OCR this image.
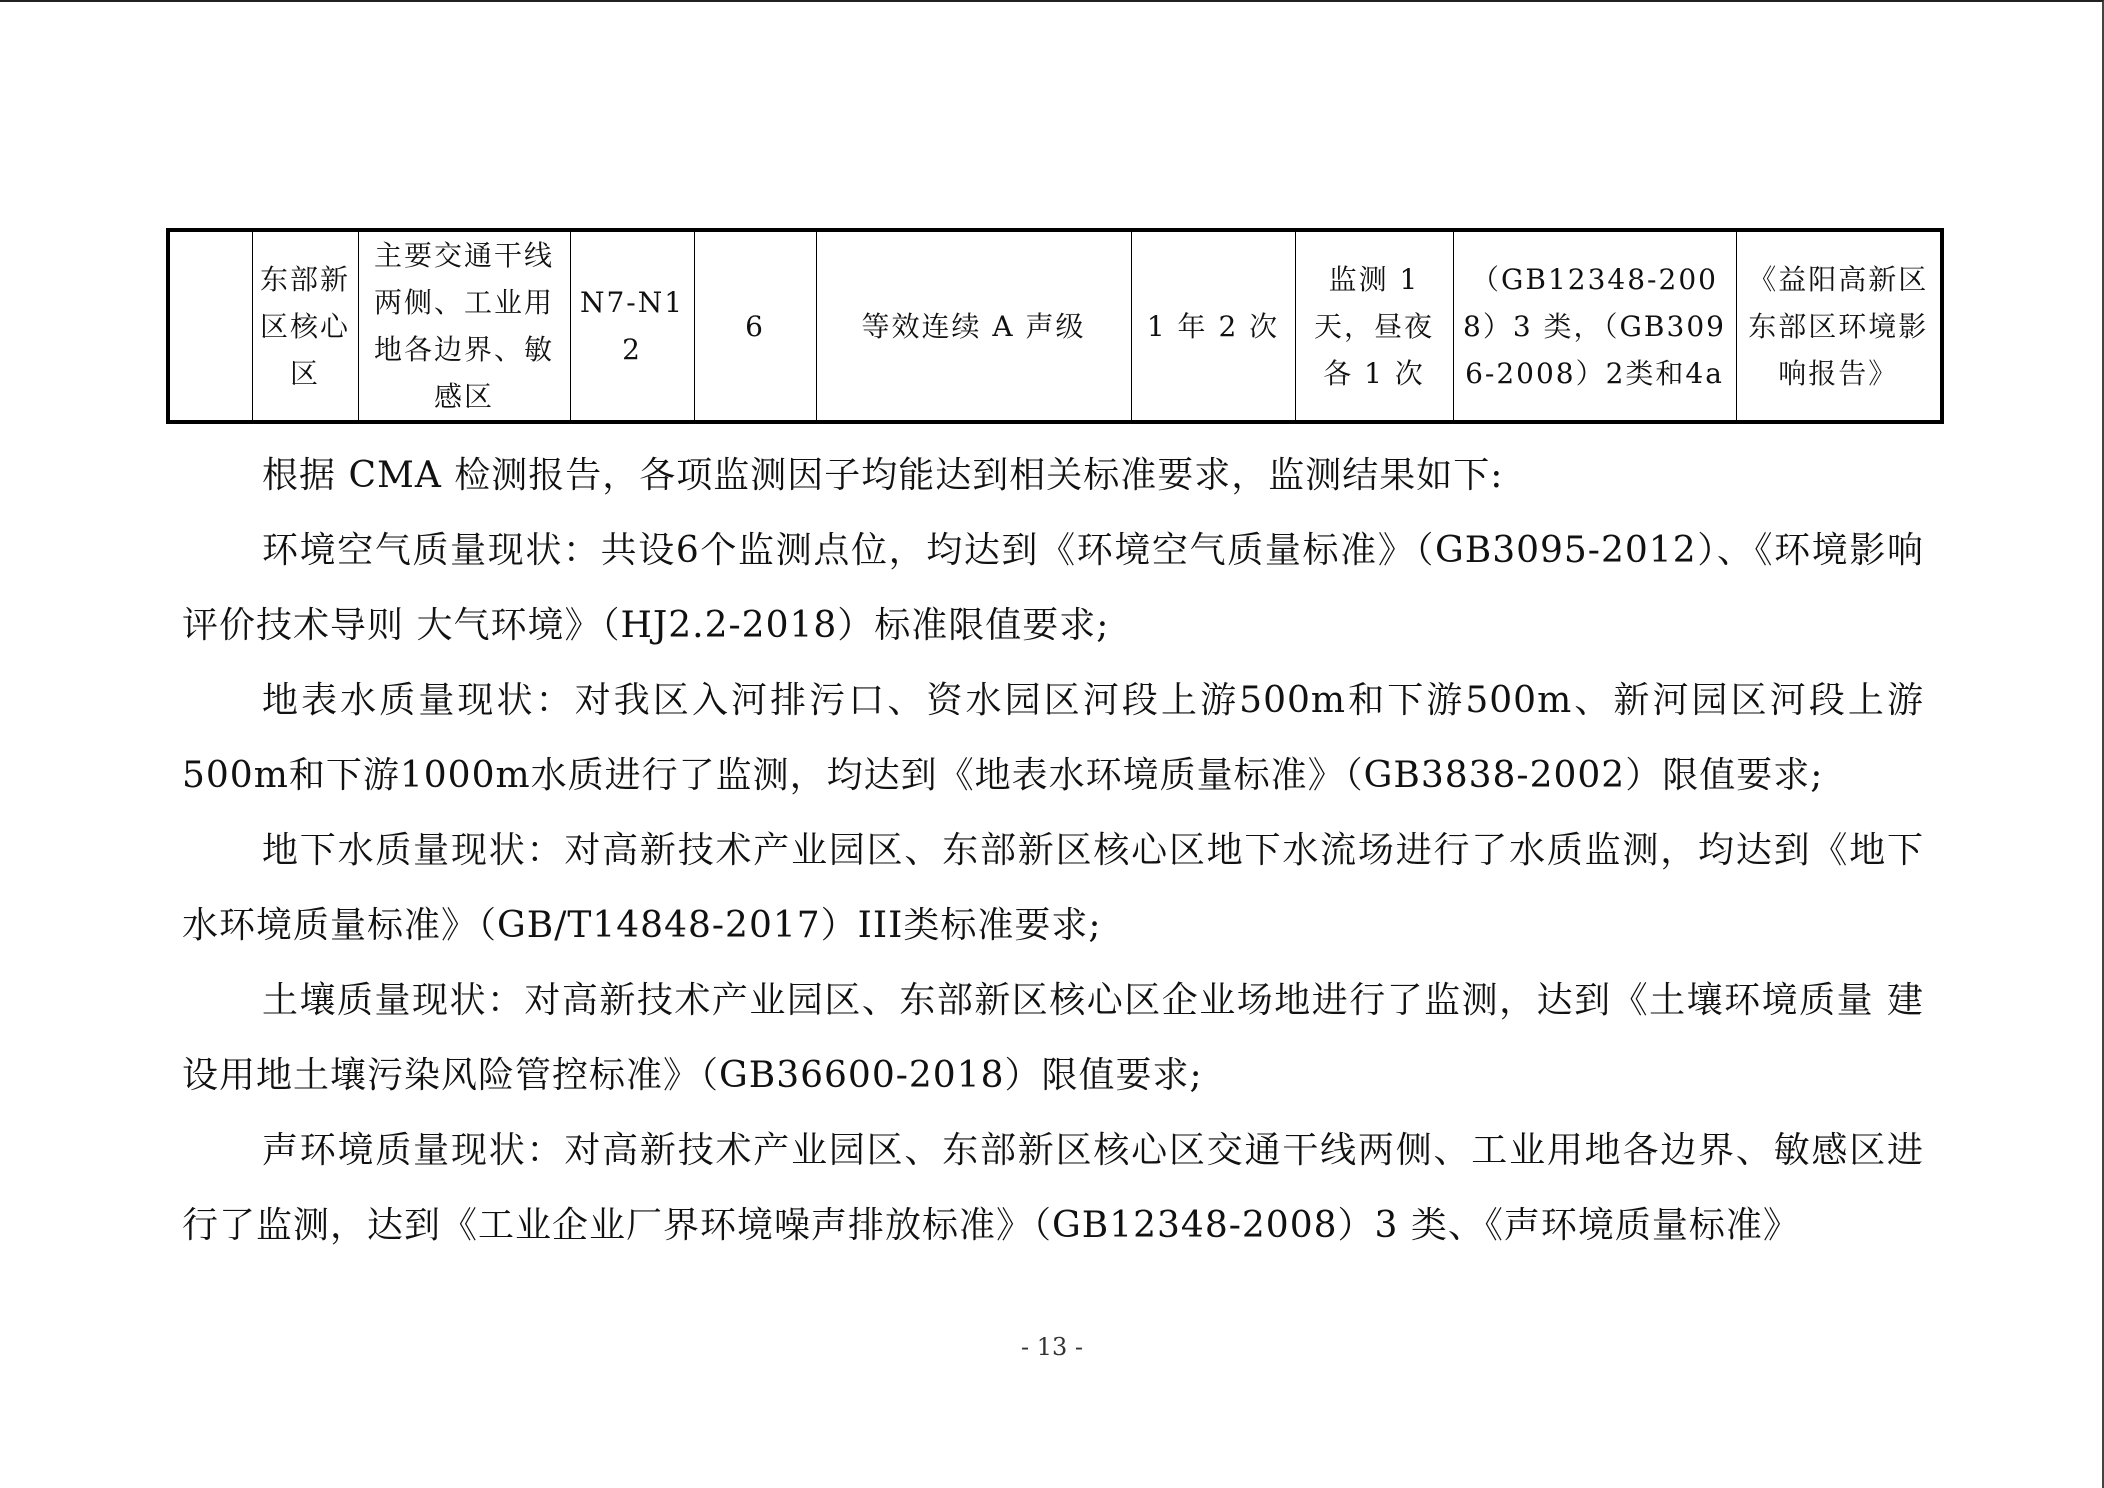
	东部新区核心区	主要交通干线两侧、工业用地各边界、敏感区	N7-N12	6	等效连续 A 声级	1 年 2 次	监测 1 天，昼夜各 1 次	（GB12348-2008）3 类，（GB3096-2008）2类和4a	《益阳高新区东部区环境影响报告》

根据 CMA 检测报告，各项监测因子均能达到相关标准要求，监测结果如下:

环境空气质量现状：共设6个监测点位，均达到《环境空气质量标准》（GB3095-2012）、《环境影响评价技术导则 大气环境》（HJ2.2-2018）标准限值要求;

地表水质量现状：对我区入河排污口、资水园区河段上游500m和下游500m、新河园区河段上游500m和下游1000m水质进行了监测，均达到《地表水环境质量标准》（GB3838-2002）限值要求;

地下水质量现状：对高新技术产业园区、东部新区核心区地下水流场进行了水质监测，均达到《地下水环境质量标准》（GB/T14848-2017）III类标准要求;

土壤质量现状：对高新技术产业园区、东部新区核心区企业场地进行了监测，达到《土壤环境质量 建设用地土壤污染风险管控标准》（GB36600-2018）限值要求;

声环境质量现状：对高新技术产业园区、东部新区核心区交通干线两侧、工业用地各边界、敏感区进行了监测，达到《工业企业厂界环境噪声排放标准》（GB12348-2008）3 类、《声环境质量标准》

- 13 -
